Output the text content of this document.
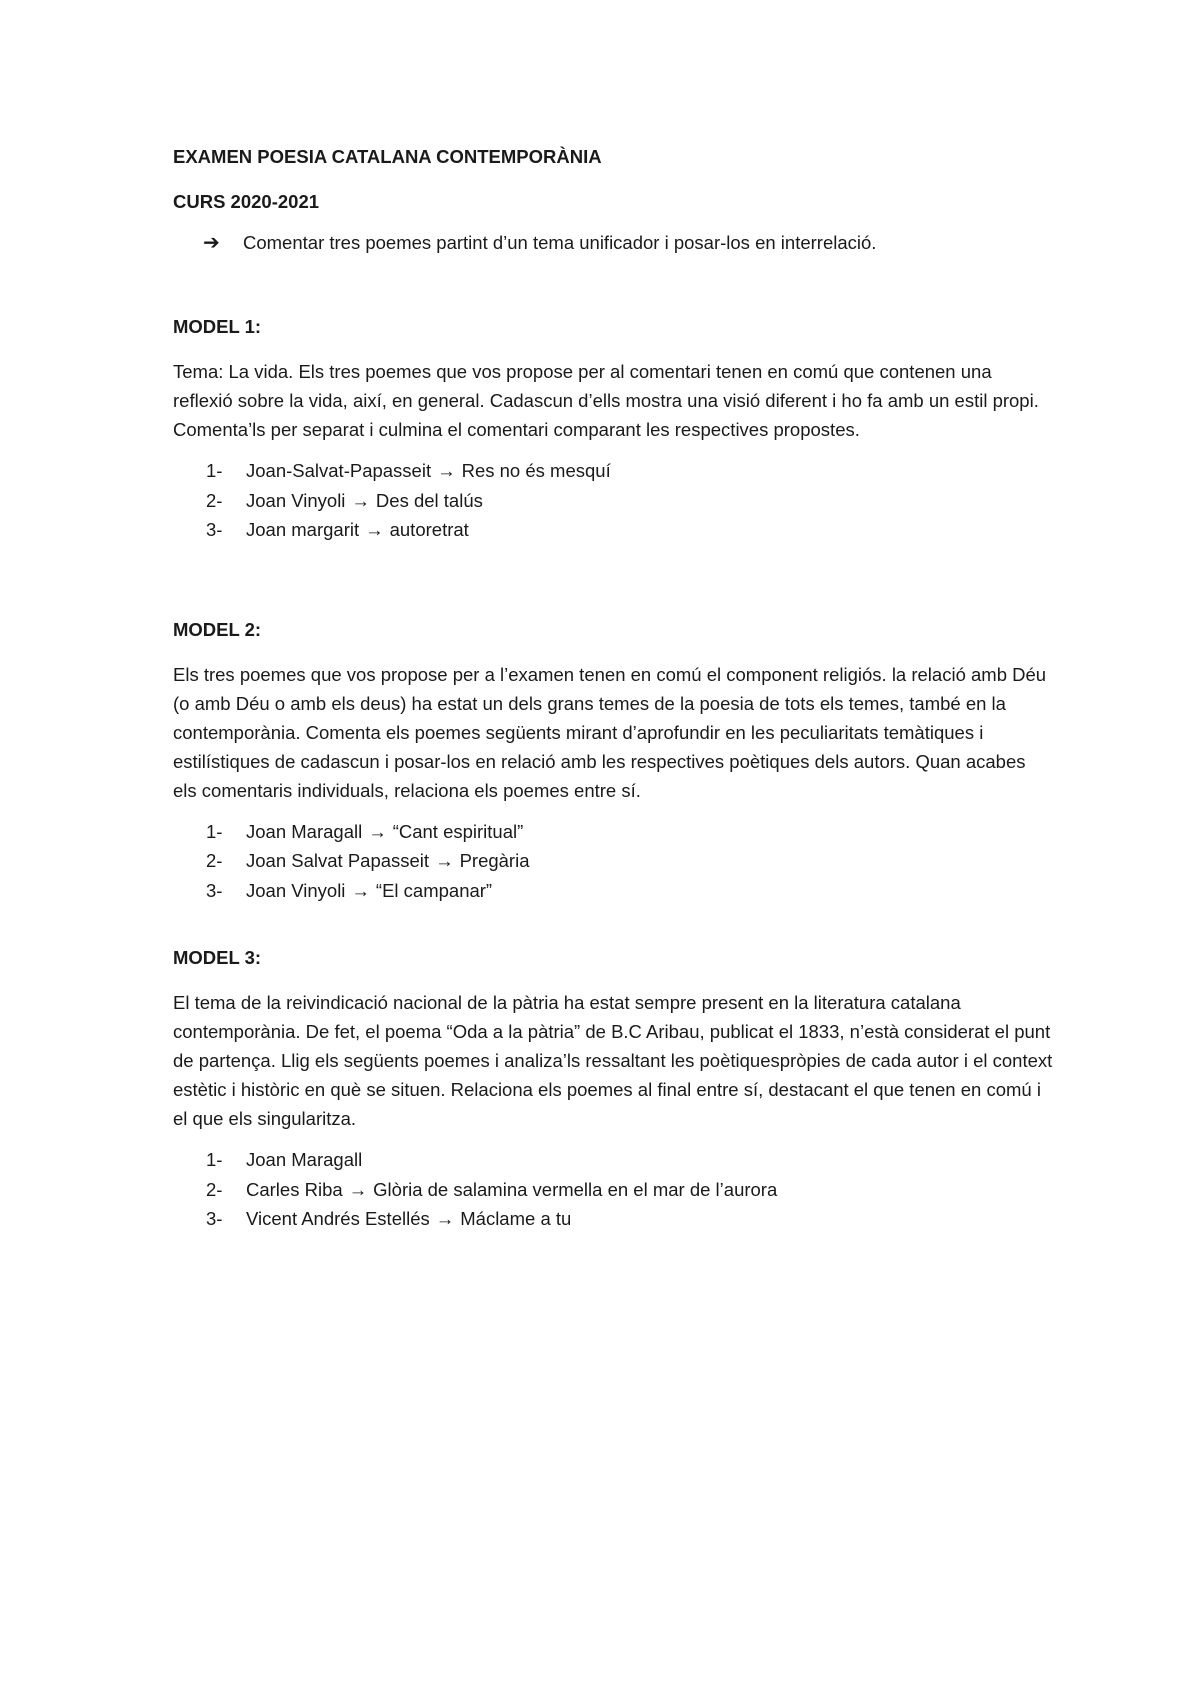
EXAMEN POESIA CATALANA CONTEMPORÀNIA

CURS 2020-2021

➔	Comentar tres poemes partint d’un tema unificador i posar-los en interrelació.

MODEL 1:

Tema: La vida. Els tres poemes que vos propose per al comentari tenen en comú que contenen una reflexió sobre la vida, així, en general. Cadascun d’ells mostra una visió diferent i ho fa amb un estil propi. Comenta’ls per separat i culmina el comentari comparant les respectives propostes.

1-	Joan-Salvat-Papasseit → Res no és mesquí
2-	Joan Vinyoli → Des del talús
3-	Joan margarit → autoretrat

MODEL 2:

Els tres poemes que vos propose per a l’examen tenen en comú el component religiós. la relació amb Déu (o amb Déu o amb els deus) ha estat un dels grans temes de la poesia de tots els temes, també en la contemporània. Comenta els poemes següents mirant d’aprofundir en les peculiaritats temàtiques i estilístiques de cadascun i posar-los en relació amb les respectives poètiques dels autors. Quan acabes els comentaris individuals, relaciona els poemes entre sí.

1-	Joan Maragall → “Cant espiritual”
2-	Joan Salvat Papasseit → Pregària
3-	Joan Vinyoli → “El campanar”

MODEL 3:

El tema de la reivindicació nacional de la pàtria ha estat sempre present en la literatura catalana contemporània. De fet, el poema “Oda a la pàtria” de B.C Aribau, publicat el 1833, n’està considerat el punt de partença. Llig els següents poemes i analiza’ls ressaltant les poètiquespròpies de cada autor i el context estètic i històric en què se situen. Relaciona els poemes al final entre sí, destacant el que tenen en comú i el que els singularitza.

1-	Joan Maragall
2-	Carles Riba → Glòria de salamina vermella en el mar de l’aurora
3-	Vicent Andrés Estellés → Máclame a tu
